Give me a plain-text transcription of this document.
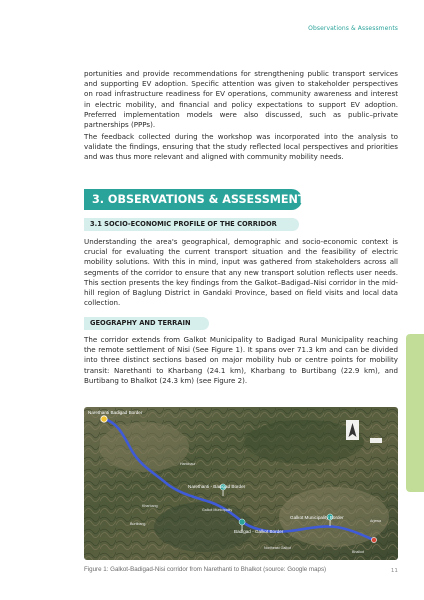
Observations & Assessments

portunities and provide recommendations for strengthening public transport services and supporting EV adoption. Specific attention was given to stakeholder perspectives on road infrastructure readiness for EV operations, community awareness and interest in electric mobility, and financial and policy expectations to support EV adoption. Preferred implementation models were also discussed, such as public–private partnerships (PPPs).

The feedback collected during the workshop was incorporated into the analysis to validate the findings, ensuring that the study reflected local perspectives and priorities and was thus more relevant and aligned with community mobility needs.

3. OBSERVATIONS & ASSESSMENTS
3.1 SOCIO-ECONOMIC PROFILE OF THE CORRIDOR

Understanding the area's geographical, demographic and socio-economic context is crucial for evaluating the current transport situation and the feasibility of electric mobility solutions. With this in mind, input was gathered from stakeholders across all segments of the corridor to ensure that any new transport solution reflects user needs. This section presents the key findings from the Galkot–Badigad–Nisi corridor in the mid-hill region of Baglung District in Gandaki Province, based on field visits and local data collection.

GEOGRAPHY AND TERRAIN

The corridor extends from Galkot Municipality to Badigad Rural Municipality reaching the remote settlement of Nisi (See Figure 1). It spans over 71.3 km and can be divided into three distinct sections based on major mobility hub or centre points for mobility transit: Narethanti to Kharbang (24.1 km), Kharbang to Burtibang (22.9 km), and Burtibang to Bhalkot (24.3 km) (see Figure 2).

Narethanti Badigad Border
Narethanti - Badigad Border
Galkot Municipality Border
Badigad - Galkot Border
Kharbang
Harichaur
Bhalkot
Galkot Municipality
Burtibang
Arjewa
Northeast Galkot
Figure 1: Galkot-Badigad-Nisi corridor from Narethanti to Bhalkot (source: Google maps)	11
